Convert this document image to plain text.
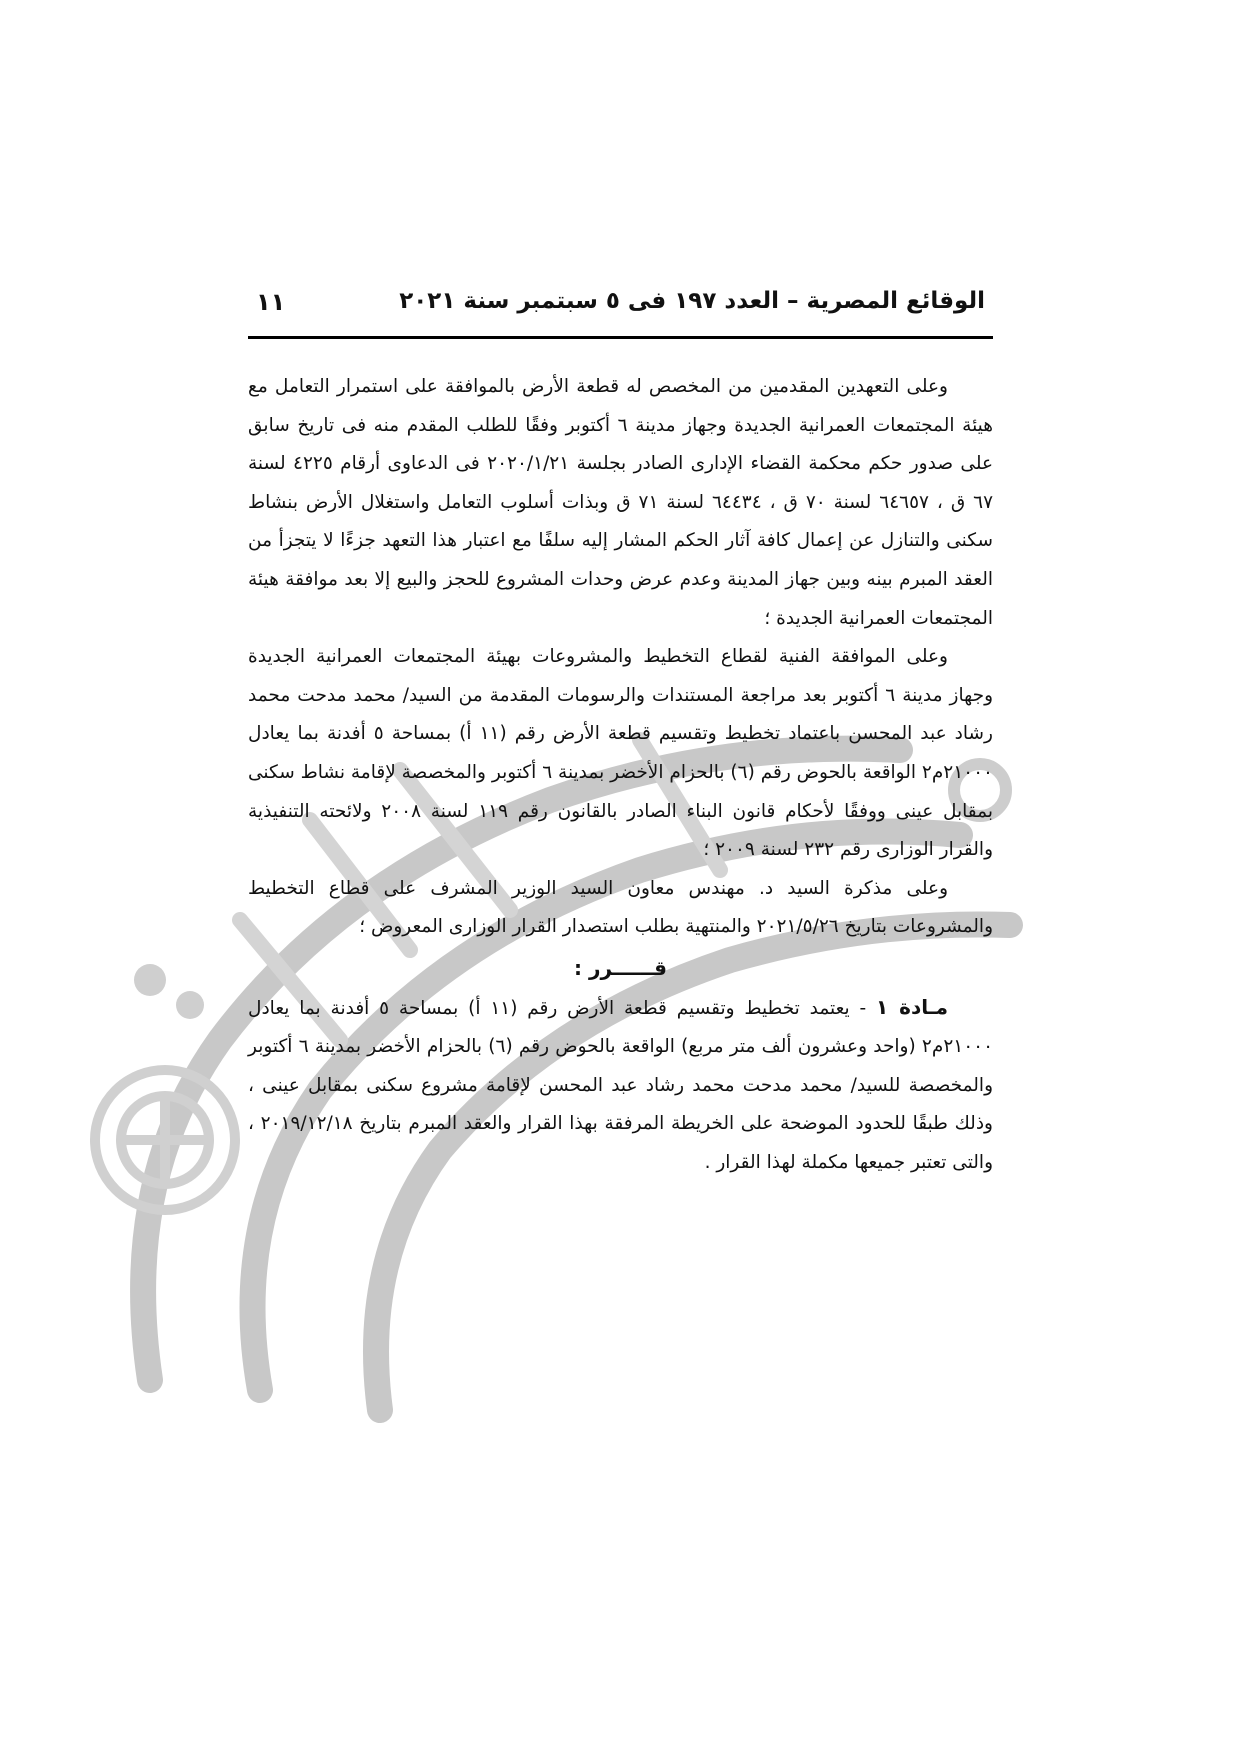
الوقائع المصرية – العدد ١٩٧ فى ٥ سبتمبر سنة ٢٠٢١
١١

وعلى التعهدين المقدمين من المخصص له قطعة الأرض بالموافقة على استمرار التعامل مع هيئة المجتمعات العمرانية الجديدة وجهاز مدينة ٦ أكتوبر وفقًا للطلب المقدم منه فى تاريخ سابق على صدور حكم محكمة القضاء الإدارى الصادر بجلسة ٢٠٢٠/١/٢١ فى الدعاوى أرقام ٤٢٢٥ لسنة ٦٧ ق ، ٦٤٦٥٧ لسنة ٧٠ ق ، ٦٤٤٣٤ لسنة ٧١ ق وبذات أسلوب التعامل واستغلال الأرض بنشاط سكنى والتنازل عن إعمال كافة آثار الحكم المشار إليه سلفًا مع اعتبار هذا التعهد جزءًا لا يتجزأ من العقد المبرم بينه وبين جهاز المدينة وعدم عرض وحدات المشروع للحجز والبيع إلا بعد موافقة هيئة المجتمعات العمرانية الجديدة ؛

وعلى الموافقة الفنية لقطاع التخطيط والمشروعات بهيئة المجتمعات العمرانية الجديدة وجهاز مدينة ٦ أكتوبر بعد مراجعة المستندات والرسومات المقدمة من السيد/ محمد مدحت محمد رشاد عبد المحسن باعتماد تخطيط وتقسيم قطعة الأرض رقم (١١ أ) بمساحة ٥ أفدنة بما يعادل ٢١٠٠٠م٢ الواقعة بالحوض رقم (٦) بالحزام الأخضر بمدينة ٦ أكتوبر والمخصصة لإقامة نشاط سكنى بمقابل عينى ووفقًا لأحكام قانون البناء الصادر بالقانون رقم ١١٩ لسنة ٢٠٠٨ ولائحته التنفيذية والقرار الوزارى رقم ٢٣٢ لسنة ٢٠٠٩ ؛

وعلى مذكرة السيد د. مهندس معاون السيد الوزير المشرف على قطاع التخطيط والمشروعات بتاريخ ٢٠٢١/٥/٢٦ والمنتهية بطلب استصدار القرار الوزارى المعروض ؛

قــــــرر :

مـادة ١ - يعتمد تخطيط وتقسيم قطعة الأرض رقم (١١ أ) بمساحة ٥ أفدنة بما يعادل ٢١٠٠٠م٢ (واحد وعشرون ألف متر مربع) الواقعة بالحوض رقم (٦) بالحزام الأخضر بمدينة ٦ أكتوبر والمخصصة للسيد/ محمد مدحت محمد رشاد عبد المحسن لإقامة مشروع سكنى بمقابل عينى ، وذلك طبقًا للحدود الموضحة على الخريطة المرفقة بهذا القرار والعقد المبرم بتاريخ ٢٠١٩/١٢/١٨ ، والتى تعتبر جميعها مكملة لهذا القرار .
